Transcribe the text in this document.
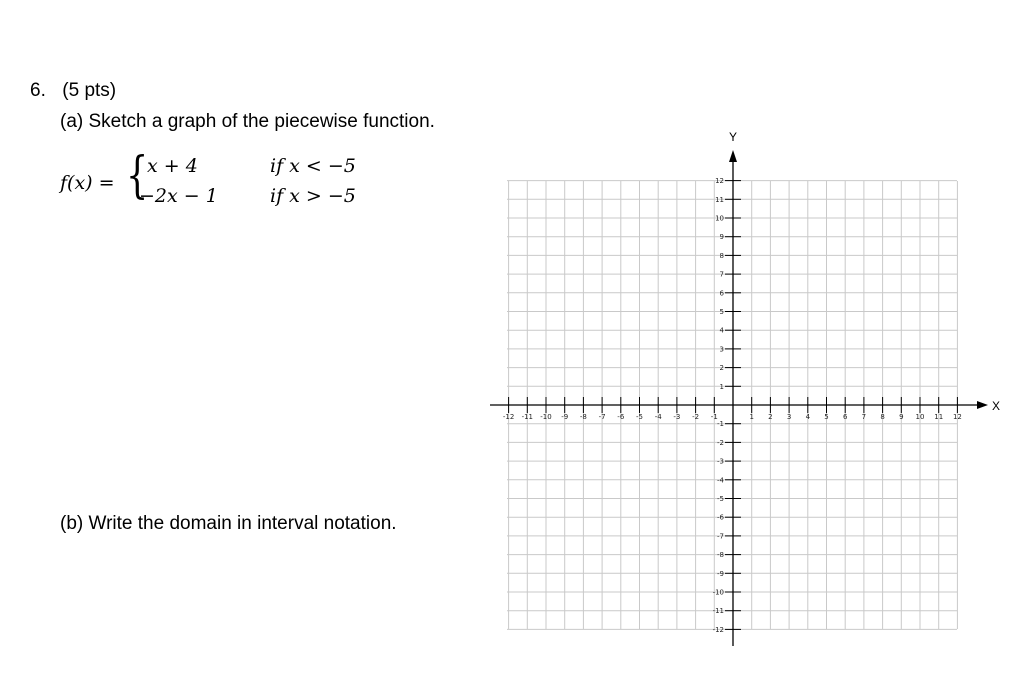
6. (5 pts)
(a) Sketch a graph of the piecewise function.
f(x) = {
x + 4
−2x − 1
if x < −5
if x > −5
(b) Write the domain in interval notation.
-12 -11 -10 -9 -8 -7 -6 -5 -4 -3 -2 -1	1 2 3 4 5 6 7 8 9 10 11 12
12
11
10
9
8
7
6
5
4
3
2
1
-1
-2
-3
-4
-5
-6
-7
-8
-9
-10
-11
-12
X
Y
